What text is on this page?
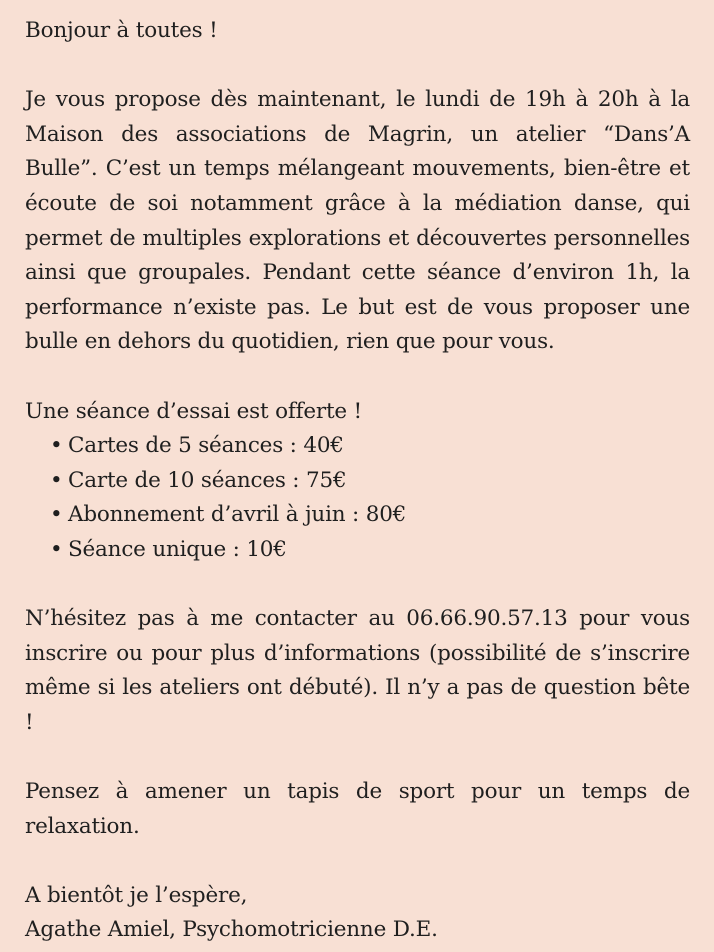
Bonjour à toutes !

Je vous propose dès maintenant, le lundi de 19h à 20h à la Maison des associations de Magrin, un atelier “Dans’A Bulle”. C’est un temps mélangeant mouvements, bien-être et écoute de soi notamment grâce à la médiation danse, qui permet de multiples explorations et découvertes personnelles ainsi que groupales. Pendant cette séance d’environ 1h, la performance n’existe pas. Le but est de vous proposer une bulle en dehors du quotidien, rien que pour vous.

Une séance d’essai est offerte !

• Cartes de 5 séances : 40€
• Carte de 10 séances : 75€
• Abonnement d’avril à juin : 80€
• Séance unique : 10€

N’hésitez pas à me contacter au 06.66.90.57.13 pour vous inscrire ou pour plus d’informations (possibilité de s’inscrire même si les ateliers ont débuté). Il n’y a pas de question bête !

Pensez à amener un tapis de sport pour un temps de relaxation.

A bientôt je l’espère,

Agathe Amiel, Psychomotricienne D.E.
